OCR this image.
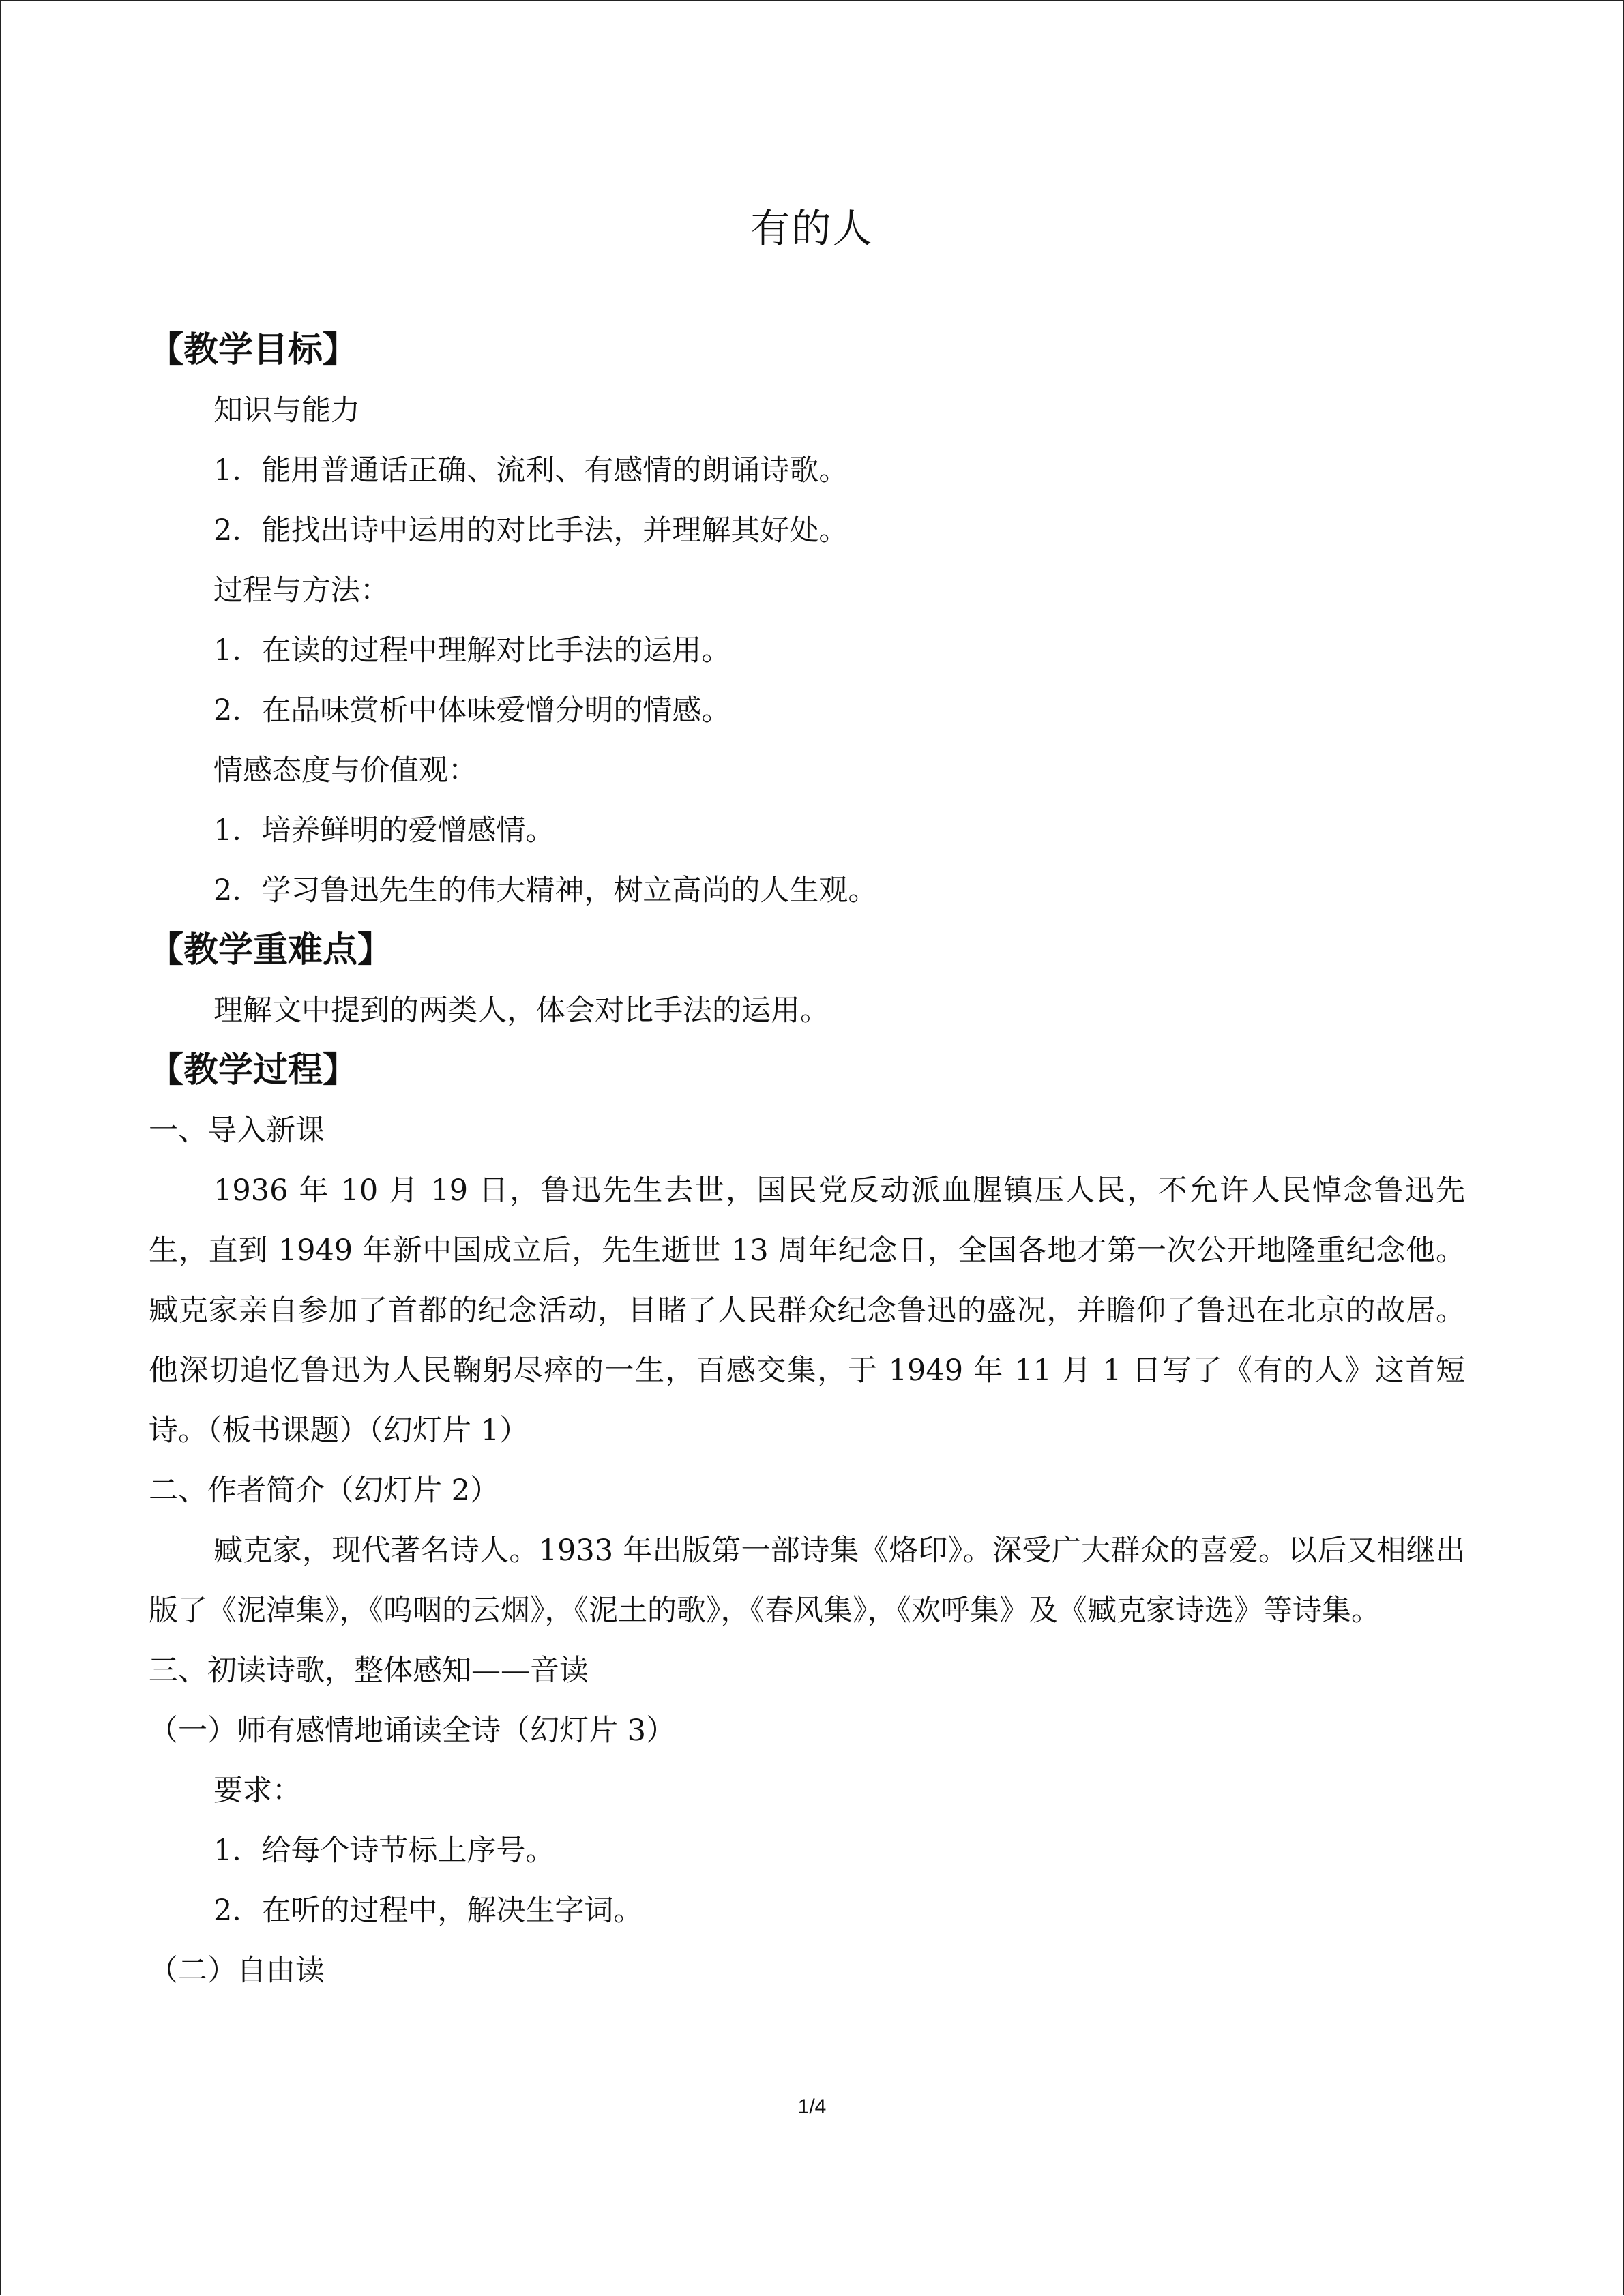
有的人
【教学目标】
知识与能力
1．能用普通话正确、流利、有感情的朗诵诗歌。
2．能找出诗中运用的对比手法，并理解其好处。
过程与方法：
1．在读的过程中理解对比手法的运用。
2．在品味赏析中体味爱憎分明的情感。
情感态度与价值观：
1．培养鲜明的爱憎感情。
2．学习鲁迅先生的伟大精神，树立高尚的人生观。
【教学重难点】
理解文中提到的两类人，体会对比手法的运用。
【教学过程】
一、导入新课
1936 年 10 月 19 日，鲁迅先生去世，国民党反动派血腥镇压人民，不允许人民悼念鲁迅先生，直到 1949 年新中国成立后，先生逝世 13 周年纪念日，全国各地才第一次公开地隆重纪念他。臧克家亲自参加了首都的纪念活动，目睹了人民群众纪念鲁迅的盛况，并瞻仰了鲁迅在北京的故居。他深切追忆鲁迅为人民鞠躬尽瘁的一生，百感交集，于 1949 年 11 月 1 日写了《有的人》这首短诗。（板书课题）（幻灯片 1）
二、作者简介（幻灯片 2）
臧克家，现代著名诗人。1933 年出版第一部诗集《烙印》。深受广大群众的喜爱。以后又相继出版了《泥淖集》，《呜咽的云烟》，《泥土的歌》，《春风集》，《欢呼集》及《臧克家诗选》等诗集。
三、初读诗歌，整体感知——音读
（一）师有感情地诵读全诗（幻灯片 3）
要求：
1．给每个诗节标上序号。
2．在听的过程中，解决生字词。
（二）自由读
1/4
